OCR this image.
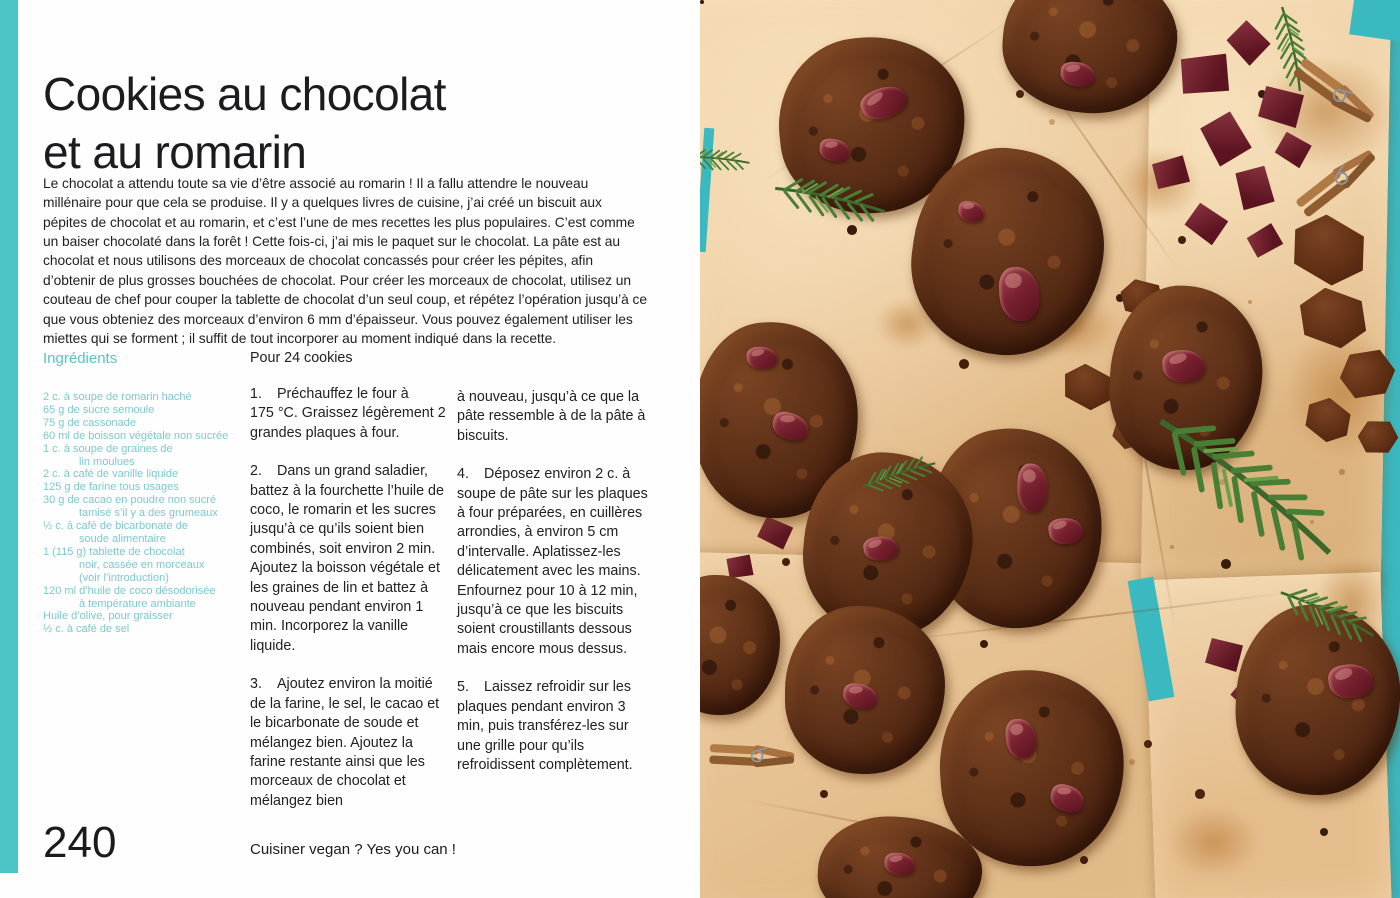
Cookies au chocolat
et au romarin

Le chocolat a attendu toute sa vie d’être associé au romarin ! Il a fallu attendre le nouveau millénaire pour que cela se produise. Il y a quelques livres de cuisine, j’ai créé un biscuit aux pépites de chocolat et au romarin, et c’est l’une de mes recettes les plus populaires. C’est comme un baiser chocolaté dans la forêt ! Cette fois-ci, j’ai mis le paquet sur le chocolat. La pâte est au chocolat et nous utilisons des morceaux de chocolat concassés pour créer les pépites, afin d’obtenir de plus grosses bouchées de chocolat. Pour créer les morceaux de chocolat, utilisez un couteau de chef pour couper la tablette de chocolat d’un seul coup, et répétez l’opération jusqu’à ce que vous obteniez des morceaux d’environ 6 mm d’épaisseur. Vous pouvez également utiliser les miettes qui se forment ; il suffit de tout incorporer au moment indiqué dans la recette.

Ingrédients
2 c. à soupe de romarin haché
65 g de sucre semoule
75 g de cassonade
60 ml de boisson végétale non sucrée
1 c. à soupe de graines de
lin moulues
2 c. à café de vanille liquide
125 g de farine tous usages
30 g de cacao en poudre non sucré
tamisé s’il y a des grumeaux
½ c. à café de bicarbonate de
soude alimentaire
1 (115 g) tablette de chocolat
noir, cassée en morceaux
(voir l’introduction)
120 ml d’huile de coco désodorisée
à température ambiante
Huile d’olive, pour graisser
½ c. à café de sel

Pour 24 cookies

1. Préchauffez le four à 175 °C. Graissez légèrement 2 grandes plaques à four.

2. Dans un grand saladier, battez à la fourchette l’huile de coco, le romarin et les sucres jusqu’à ce qu’ils soient bien combinés, soit environ 2 min. Ajoutez la boisson végétale et les graines de lin et battez à nouveau pendant environ 1 min. Incorporez la vanille liquide.

3. Ajoutez environ la moitié de la farine, le sel, le cacao et le bicarbonate de soude et mélangez bien. Ajoutez la farine restante ainsi que les morceaux de chocolat et mélangez bien

à nouveau, jusqu’à ce que la pâte ressemble à de la pâte à biscuits.

4. Déposez environ 2 c. à soupe de pâte sur les plaques à four préparées, en cuillères arrondies, à environ 5 cm d’intervalle. Aplatissez-les délicatement avec les mains. Enfournez pour 10 à 12 min, jusqu’à ce que les biscuits soient croustillants dessous mais encore mous dessus.

5. Laissez refroidir sur les plaques pendant environ 3 min, puis transférez-les sur une grille pour qu’ils refroidissent complètement.

240	Cuisiner vegan ? Yes you can !
